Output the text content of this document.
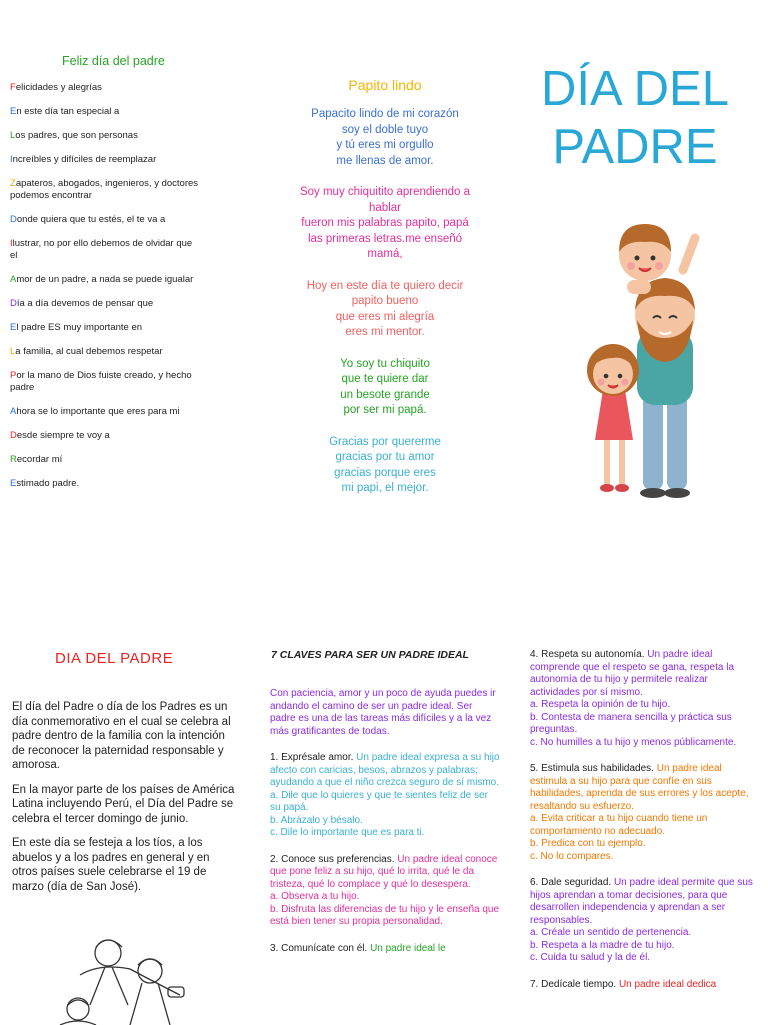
Feliz día del padre
Felicidades y alegrías
En este día tan especial a
Los padres, que son personas
Increíbles y difíciles de reemplazar
Zapateros, abogados, ingenieros, y doctores podemos encontrar
Donde quiera que tu estés, el te va a
Ilustrar, no por ello debemos de olvidar que el
Amor de un padre, a nada se puede igualar
Día a día devemos de pensar que
El padre ES muy importante en
La familia, al cual debemos respetar
Por la mano de Dios fuiste creado, y hecho padre
Ahora se lo importante que eres para mi
Desde siempre te voy a
Recordar mí
Estimado padre.
Papito lindo

Papacito lindo de mi corazón

soy el doble tuyo

y tú eres mi orgullo

me llenas de amor.

Soy muy chiquitito aprendiendo a

hablar

fueron mis palabras papito, papá

las primeras letras.me enseñó

mamá,

Hoy en este día te quiero decir

papito bueno

que eres mi alegría

eres mi mentor.

Yo soy tu chiquito

que te quiere dar

un besote grande

por ser mi papá.

Gracias por quererme

gracias por tu amor

gracias porque eres

mi papi, el mejor.

DÍA DEL
PADRE
DIA DEL PADRE

El día del Padre o día de los Padres es un día conmemorativo en el cual se celebra al padre dentro de la familia con la intención de reconocer la paternidad responsable y amorosa.

En la mayor parte de los países de América Latina incluyendo Perú, el Día del Padre se celebra el tercer domingo de junio.

En este día se festeja a los tíos, a los abuelos y a los padres en general y en otros países suele celebrarse el 19 de marzo (día de San José).

7 CLAVES PARA SER UN PADRE IDEAL
Con paciencia, amor y un poco de ayuda puedes ir andando el camino de ser un padre ideal. Ser padre es una de las tareas más difíciles y a la vez más gratificantes de todas.

1. Exprésale amor. Un padre ideal expresa a su hijo afecto con caricias, besos, abrazos y palabras; ayudando a que el niño crezca seguro de sí mismo.

a. Dile que lo quieres y que te sientes feliz de ser su papá.

b. Abrázalo y bésalo.

c. Dile lo importante que es para ti.

2. Conoce sus preferencias. Un padre ideal conoce que pone feliz a su hijo, qué lo irrita, qué le da tristeza, qué lo complace y qué lo desespera.

a. Observa a tu hijo.

b. Disfruta las diferencias de tu hijo y le enseña que está bien tener su propia personalidad.

3. Comunícate con él. Un padre ideal le

4. Respeta su autonomía. Un padre ideal comprende que el respeto se gana, respeta la autonomía de tu hijo y permitele realizar actividades por sí mismo.

a. Respeta la opinión de tu hijo.

b. Contesta de manera sencilla y práctica sus preguntas.

c. No humilles a tu hijo y menos públicamente.

5. Estimula sus habilidades. Un padre ideal estimula a su hijo para que confíe en sus habilidades, aprenda de sus errores y los acepte, resaltando su esfuerzo.

a. Evita criticar a tu hijo cuando tiene un comportamiento no adecuado.

b. Predica con tu ejemplo.

c. No lo compares.

6. Dale seguridad. Un padre ideal permite que sus hijos aprendan a tomar decisiones, para que desarrollen independencia y aprendan a ser responsables.

a. Créale un sentido de pertenencia.

b. Respeta a la madre de tu hijo.

c. Cuida tu salud y la de él.

7. Dedícale tiempo. Un padre ideal dedica
